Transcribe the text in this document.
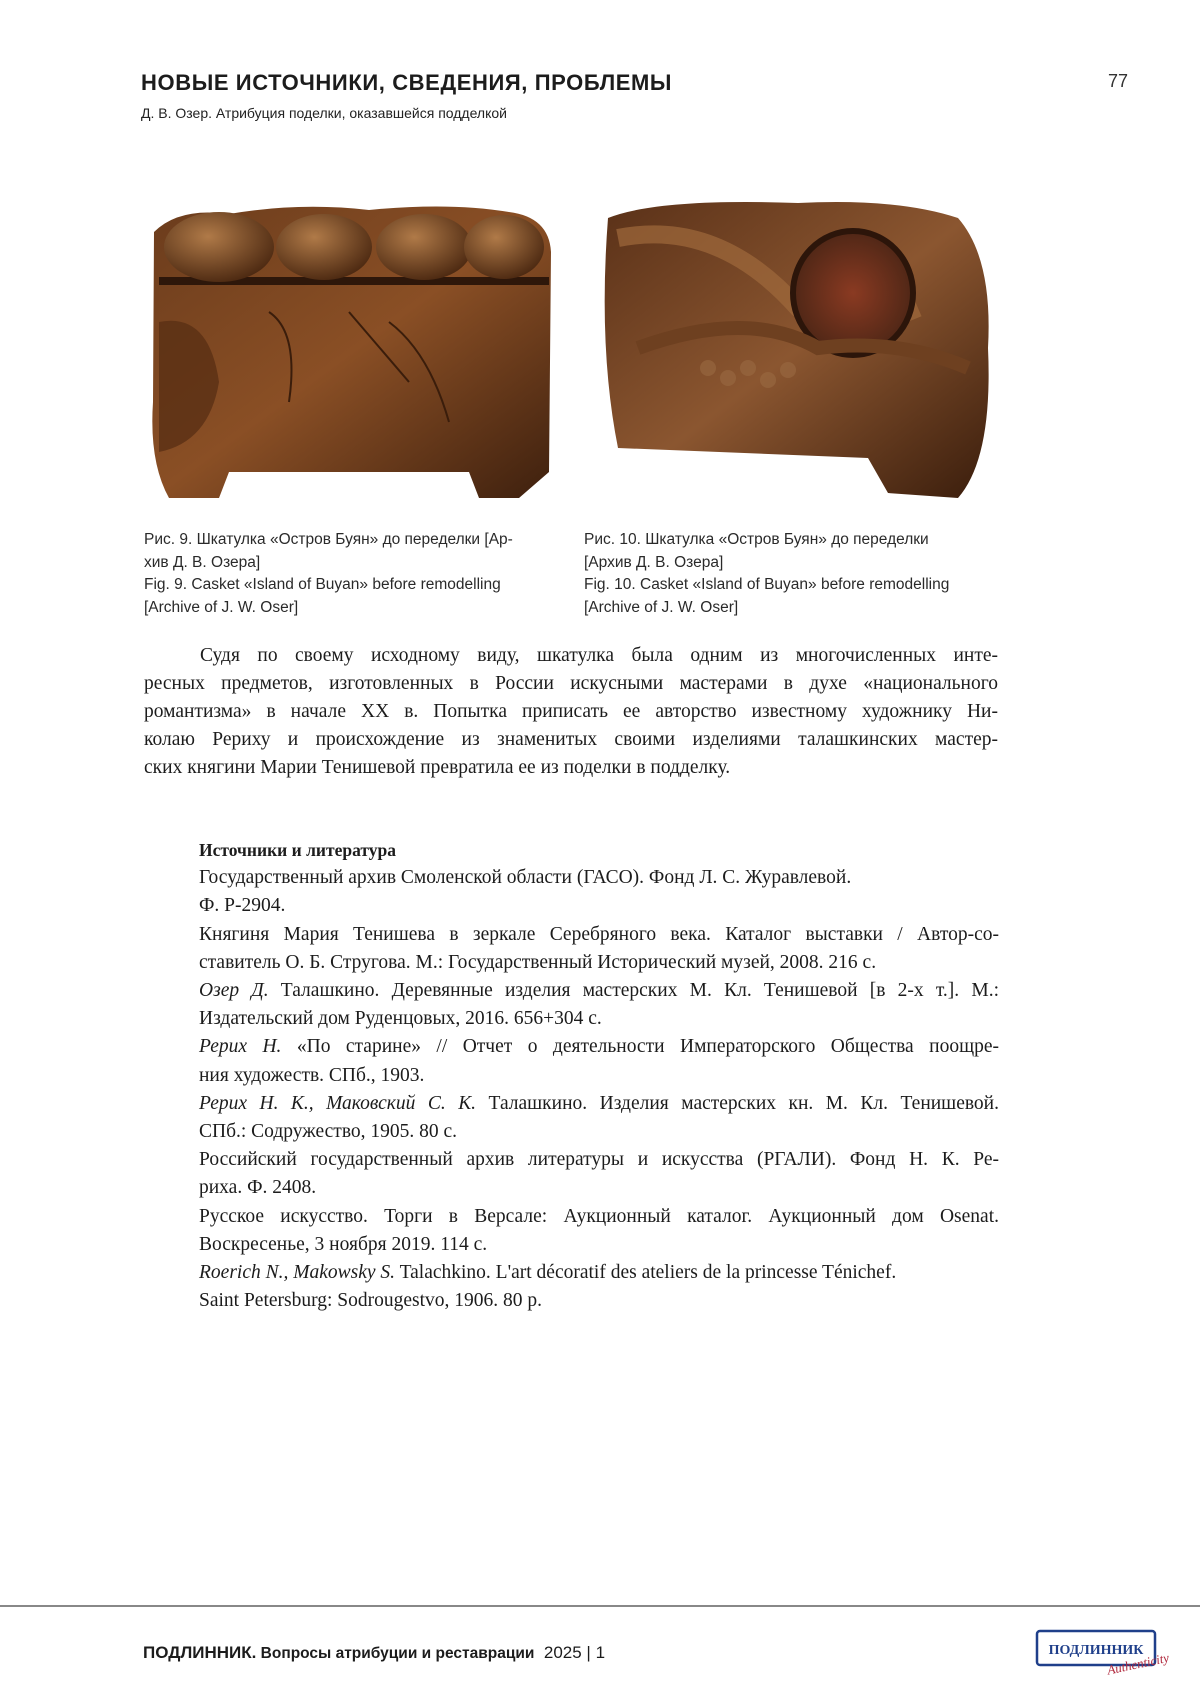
НОВЫЕ ИСТОЧНИКИ, СВЕДЕНИЯ, ПРОБЛЕМЫ
Д. В. Озер. Атрибуция поделки, оказавшейся подделкой
77
Рис. 9. Шкатулка «Остров Буян» до переделки [Ар-
хив Д. В. Озера]
Fig. 9. Casket «Island of Buyan» before remodelling
[Archive of J. W. Oser]
Рис. 10. Шкатулка «Остров Буян» до переделки
[Архив Д. В. Озера]
Fig. 10. Casket «Island of Buyan» before remodelling
[Archive of J. W. Oser]
Судя по своему исходному виду, шкатулка была одним из многочисленных инте-
ресных предметов, изготовленных в России искусными мастерами в духе «национального
романтизма» в начале XX в. Попытка приписать ее авторство известному художнику Ни-
колаю Рериху и происхождение из знаменитых своими изделиями талашкинских мастер-
ских княгини Марии Тенишевой превратила ее из поделки в подделку.
Источники и литература
Государственный архив Смоленской области (ГАСО). Фонд Л. С. Журавлевой.
Ф. Р-2904.
Княгиня Мария Тенишева в зеркале Серебряного века. Каталог выставки / Автор-со-
ставитель О. Б. Стругова. М.: Государственный Исторический музей, 2008. 216 с.
Озер Д. Талашкино. Деревянные изделия мастерских М. Кл. Тенишевой [в 2-х т.]. М.:
Издательский дом Руденцовых, 2016. 656+304 с.
Рерих Н. «По старине» // Отчет о деятельности Императорского Общества поощре-
ния художеств. СПб., 1903.
Рерих Н. К., Маковский С. К. Талашкино. Изделия мастерских кн. М. Кл. Тенишевой.
СПб.: Содружество, 1905. 80 с.
Российский государственный архив литературы и искусства (РГАЛИ). Фонд Н. К. Ре-
риха. Ф. 2408.
Русское искусство. Торги в Версале: Аукционный каталог. Аукционный дом Osenat.
Воскресенье, 3 ноября 2019. 114 с.
Roerich N., Makowsky S. Talachkino. L'art décoratif des ateliers de la princesse Ténichef.
Saint Petersburg: Sodrougestvo, 1906. 80 p.
ПОДЛИННИК. Вопросы атрибуции и реставрации  2025 | 1	ПОДЛИННИК
Authenticity
